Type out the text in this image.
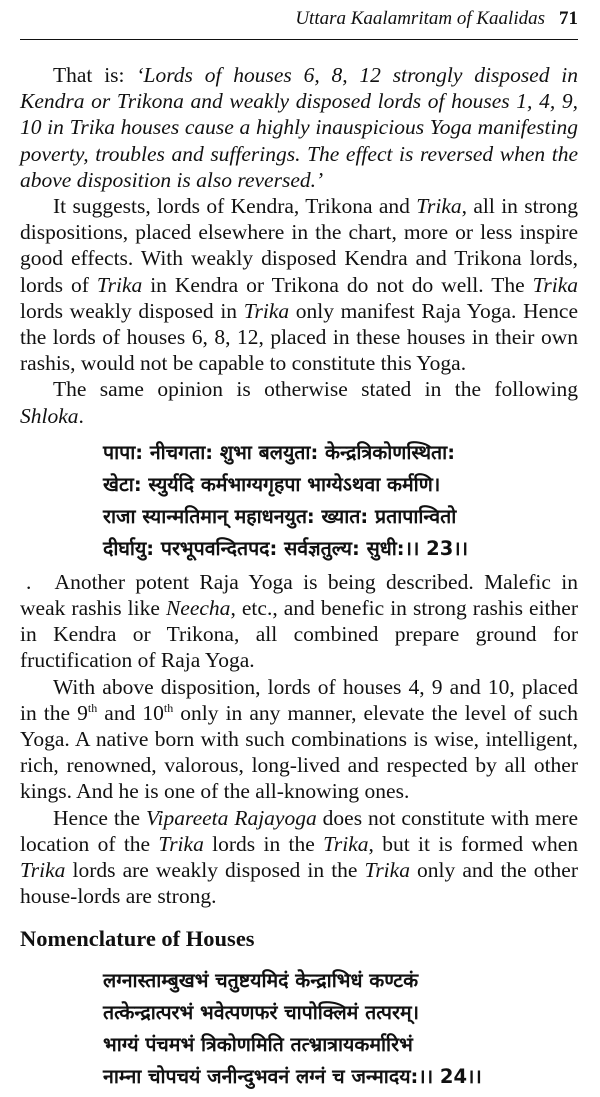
Uttara Kaalamritam of Kaalidas 71

That is: ‘Lords of houses 6, 8, 12 strongly disposed in Kendra or Trikona and weakly disposed lords of houses 1, 4, 9, 10 in Trika houses cause a highly inauspicious Yoga manifesting poverty, troubles and sufferings. The effect is reversed when the above disposition is also reversed.’

It suggests, lords of Kendra, Trikona and Trika, all in strong dispositions, placed elsewhere in the chart, more or less inspire good effects. With weakly disposed Kendra and Trikona lords, lords of Trika in Kendra or Trikona do not do well. The Trika lords weakly disposed in Trika only manifest Raja Yoga. Hence the lords of houses 6, 8, 12, placed in these houses in their own rashis, would not be capable to constitute this Yoga.

The same opinion is otherwise stated in the following Shloka.

पापा: नीचगता: शुभा बलयुता: केन्द्रत्रिकोणस्थिता:
खेटा: स्युर्यदि कर्मभाग्यगृहपा भाग्येऽथवा कर्मणि।
राजा स्यान्मतिमान् महाधनयुत: ख्यात: प्रतापान्वितो
दीर्घायु: परभूपवन्दितपद: सर्वज्ञतुल्य: सुधी:।। 23।।

. Another potent Raja Yoga is being described. Malefic in weak rashis like Neecha, etc., and benefic in strong rashis either in Kendra or Trikona, all combined prepare ground for fructification of Raja Yoga.

With above disposition, lords of houses 4, 9 and 10, placed in the 9th and 10th only in any manner, elevate the level of such Yoga. A native born with such combinations is wise, intelligent, rich, renowned, valorous, long-lived and respected by all other kings. And he is one of the all-knowing ones.

Hence the Vipareeta Rajayoga does not constitute with mere location of the Trika lords in the Trika, but it is formed when Trika lords are weakly disposed in the Trika only and the other house-lords are strong.

Nomenclature of Houses
लग्नास्ताम्बुखभं चतुष्टयमिदं केन्द्राभिधं कण्टकं
तत्केन्द्रात्परभं भवेत्पणफरं चापोक्लिमं तत्परम्।
भाग्यं पंचमभं त्रिकोणमिति तत्भ्रात्रायकर्मारिभं
नाम्ना चोपचयं जनीन्दुभवनं लग्नं च जन्मादय:।। 24।।
